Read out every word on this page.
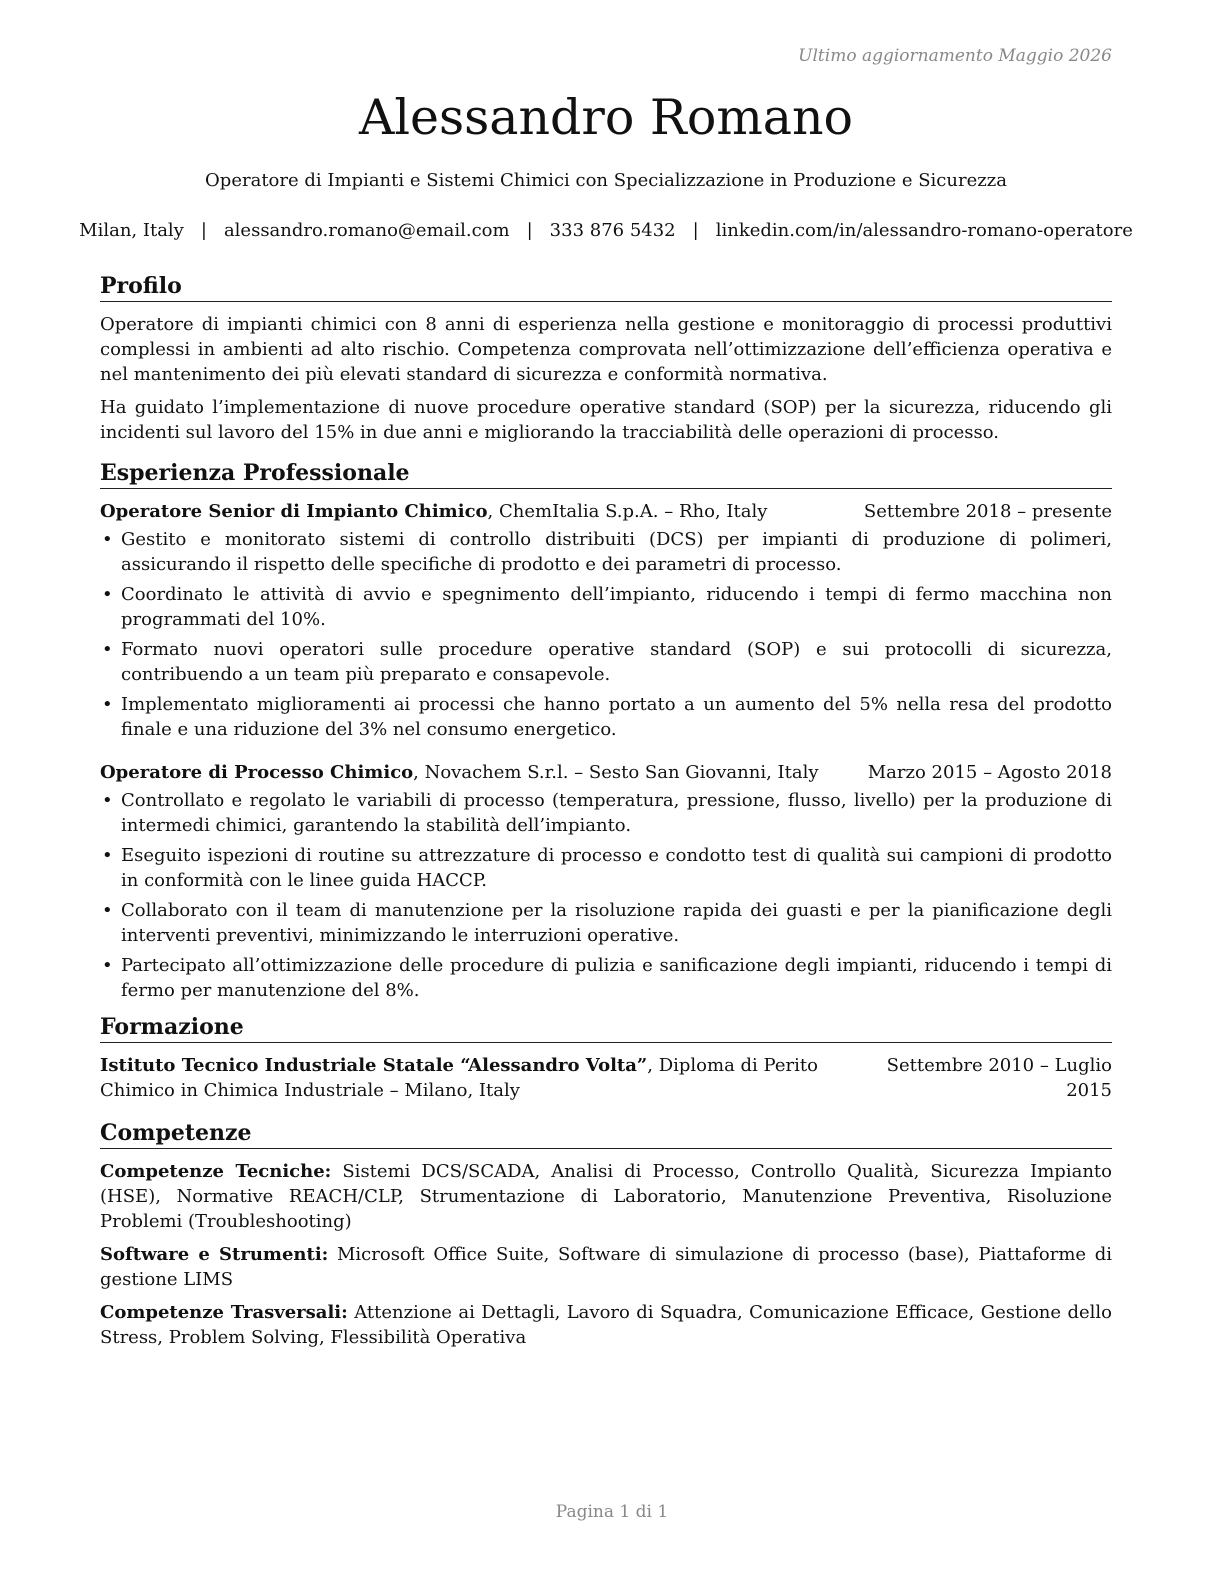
Ultimo aggiornamento Maggio 2026
Alessandro Romano
Operatore di Impianti e Sistemi Chimici con Specializzazione in Produzione e Sicurezza
Milan, Italy | alessandro.romano@email.com | 333 876 5432 | linkedin.com/in/alessandro-romano-operatore
Profilo

Operatore di impianti chimici con 8 anni di esperienza nella gestione e monitoraggio di processi produttivi complessi in ambienti ad alto rischio. Competenza comprovata nell’ottimizzazione dell’efficienza operativa e nel mantenimento dei più elevati standard di sicurezza e conformità normativa.

Ha guidato l’implementazione di nuove procedure operative standard (SOP) per la sicurezza, riducendo gli incidenti sul lavoro del 15% in due anni e migliorando la tracciabilità delle operazioni di processo.

Esperienza Professionale
Operatore Senior di Impianto Chimico, ChemItalia S.p.A. – Rho, Italy	Settembre 2018 – presente
• Gestito e monitorato sistemi di controllo distribuiti (DCS) per impianti di produzione di polimeri, assicurando il rispetto delle specifiche di prodotto e dei parametri di processo.
• Coordinato le attività di avvio e spegnimento dell’impianto, riducendo i tempi di fermo macchina non programmati del 10%.
• Formato nuovi operatori sulle procedure operative standard (SOP) e sui protocolli di sicurezza, contribuendo a un team più preparato e consapevole.
• Implementato miglioramenti ai processi che hanno portato a un aumento del 5% nella resa del prodotto finale e una riduzione del 3% nel consumo energetico.
Operatore di Processo Chimico, Novachem S.r.l. – Sesto San Giovanni, Italy	Marzo 2015 – Agosto 2018
• Controllato e regolato le variabili di processo (temperatura, pressione, flusso, livello) per la produzione di intermedi chimici, garantendo la stabilità dell’impianto.
• Eseguito ispezioni di routine su attrezzature di processo e condotto test di qualità sui campioni di prodotto in conformità con le linee guida HACCP.
• Collaborato con il team di manutenzione per la risoluzione rapida dei guasti e per la pianificazione degli interventi preventivi, minimizzando le interruzioni operative.
• Partecipato all’ottimizzazione delle procedure di pulizia e sanificazione degli impianti, riducendo i tempi di fermo per manutenzione del 8%.
Formazione
Istituto Tecnico Industriale Statale “Alessandro Volta”, Diploma di Perito Chimico in Chimica Industriale – Milano, Italy
Settembre 2010 – Luglio 2015
Competenze
Competenze Tecniche: Sistemi DCS/SCADA, Analisi di Processo, Controllo Qualità, Sicurezza Impianto (HSE), Normative REACH/CLP, Strumentazione di Laboratorio, Manutenzione Preventiva, Risoluzione Problemi (Troubleshooting)
Software e Strumenti: Microsoft Office Suite, Software di simulazione di processo (base), Piattaforme di gestione LIMS
Competenze Trasversali: Attenzione ai Dettagli, Lavoro di Squadra, Comunicazione Efficace, Gestione dello Stress, Problem Solving, Flessibilità Operativa
Pagina 1 di 1
